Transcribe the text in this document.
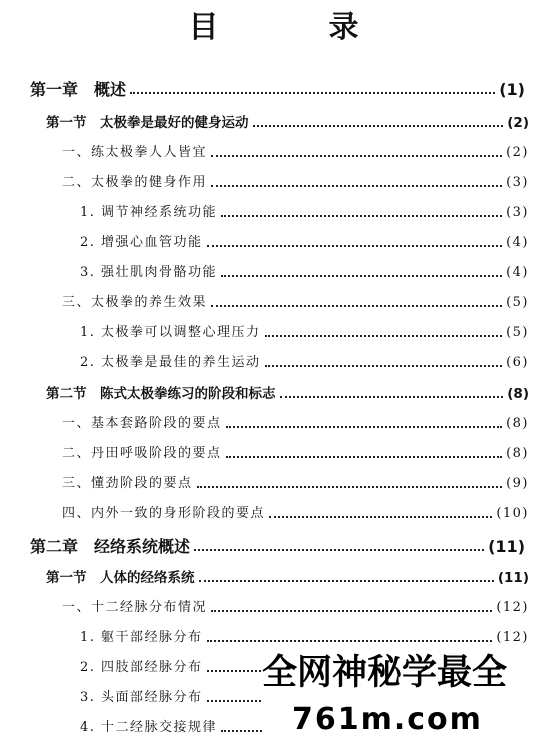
目　录
第一章　概述	(1)
第一节　太极拳是最好的健身运动	(2)
一、练太极拳人人皆宜	(2)
二、太极拳的健身作用	(3)
1. 调节神经系统功能	(3)
2. 增强心血管功能	(4)
3. 强壮肌肉骨骼功能	(4)
三、太极拳的养生效果	(5)
1. 太极拳可以调整心理压力	(5)
2. 太极拳是最佳的养生运动	(6)
第二节　陈式太极拳练习的阶段和标志	(8)
一、基本套路阶段的要点	(8)
二、丹田呼吸阶段的要点	(8)
三、懂劲阶段的要点	(9)
四、内外一致的身形阶段的要点	(10)
第二章　经络系统概述	(11)
第一节　人体的经络系统	(11)
一、十二经脉分布情况	(12)
1. 躯干部经脉分布	(12)
2. 四肢部经脉分布
3. 头面部经脉分布
4. 十二经脉交接规律
全网神秘学最全
761m.com
